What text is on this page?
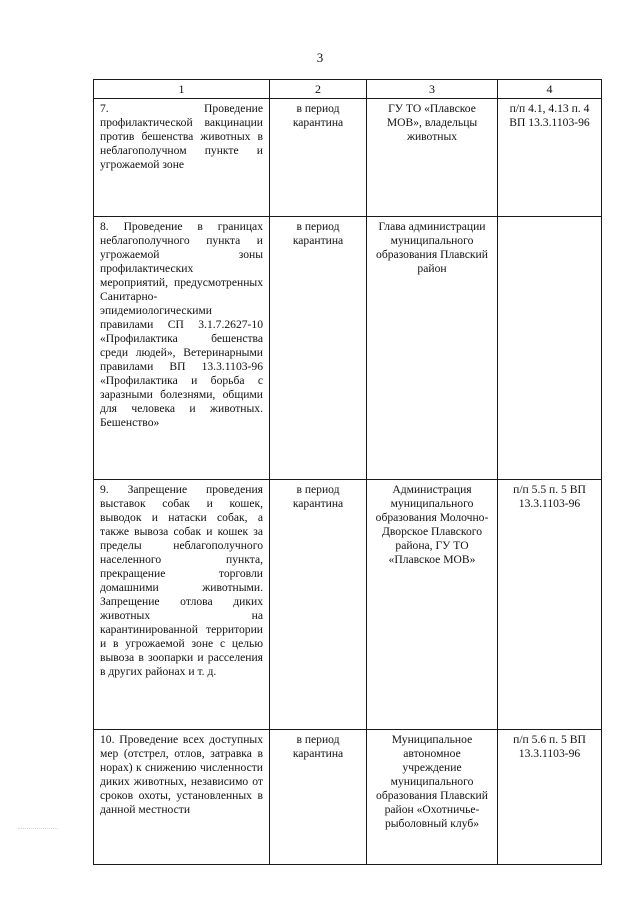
3
1	2	3	4
7. Проведение профилактической вакцинации против бешенства животных в неблагополучном пункте и угрожаемой зоне	в период карантина	ГУ ТО «Плавское МОВ», владельцы животных	п/п 4.1, 4.13 п. 4 ВП 13.3.1103-96
8. Проведение в границах неблагополучного пункта и угрожаемой зоны профилактических мероприятий, предусмотренных Санитарно-эпидемиологическими правилами СП 3.1.7.2627-10 «Профилактика бешенства среди людей», Ветеринарными правилами ВП 13.3.1103-96 «Профилактика и борьба с заразными болезнями, общими для человека и животных. Бешенство»	в период карантина	Глава администрации муниципального образования Плавский район	
9. Запрещение проведения выставок собак и кошек, выводок и натаски собак, а также вывоза собак и кошек за пределы неблагополучного населенного пункта, прекращение торговли домашними животными. Запрещение отлова диких животных на карантинированной территории и в угрожаемой зоне с целью вывоза в зоопарки и расселения в других районах и т. д.	в период карантина	Администрация муниципального образования Молочно-Дворское Плавского района, ГУ ТО «Плавское МОВ»	п/п 5.5 п. 5 ВП 13.3.1103-96
10. Проведение всех доступных мер (отстрел, отлов, затравка в норах) к снижению численности диких животных, независимо от сроков охоты, установленных в данной местности	в период карантина	Муниципальное автономное учреждение муниципального образования Плавский район «Охотничье-рыболовный клуб»	п/п 5.6 п. 5 ВП 13.3.1103-96
